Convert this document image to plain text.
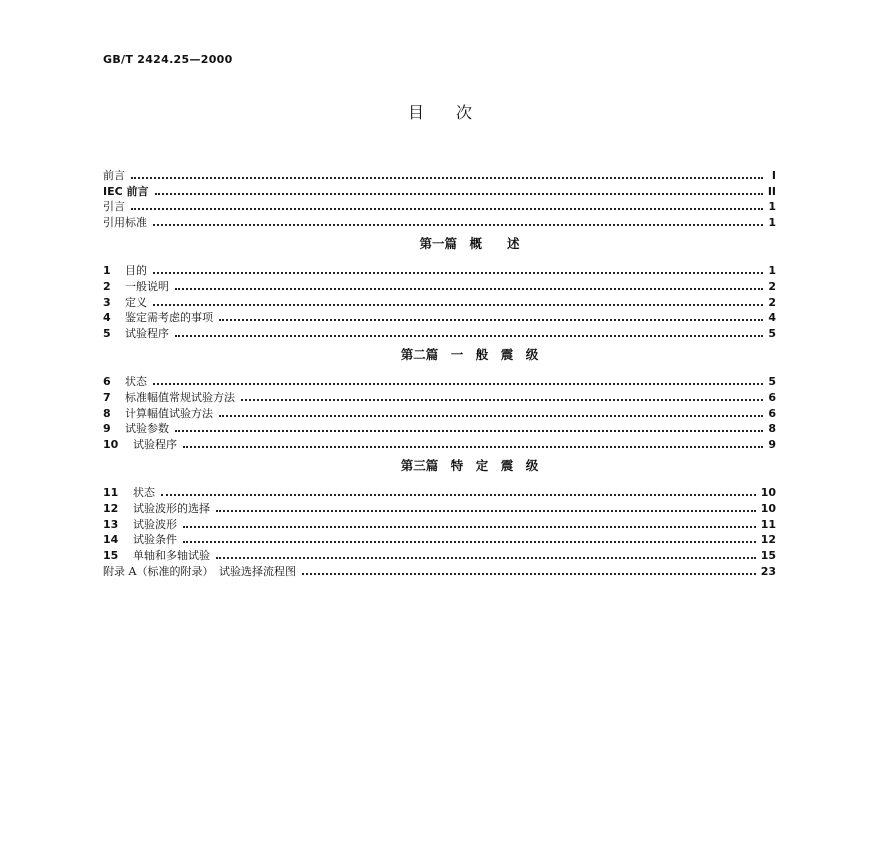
GB/T 2424.25—2000
目　　次
前言	I
IEC 前言	II
引言	1
引用标准	1
第一篇　概　　述
1	目的	1
2	一般说明	2
3	定义	2
4	鉴定需考虑的事项	4
5	试验程序	5
第二篇　一　般　震　级
6	状态	5
7	标准幅值常规试验方法	6
8	计算幅值试验方法	6
9	试验参数	8
10	试验程序	9
第三篇　特　定　震　级
11	状态	10
12	试验波形的选择	10
13	试验波形	11
14	试验条件	12
15	单轴和多轴试验	15
附录 A（标准的附录）　试验选择流程图	23
